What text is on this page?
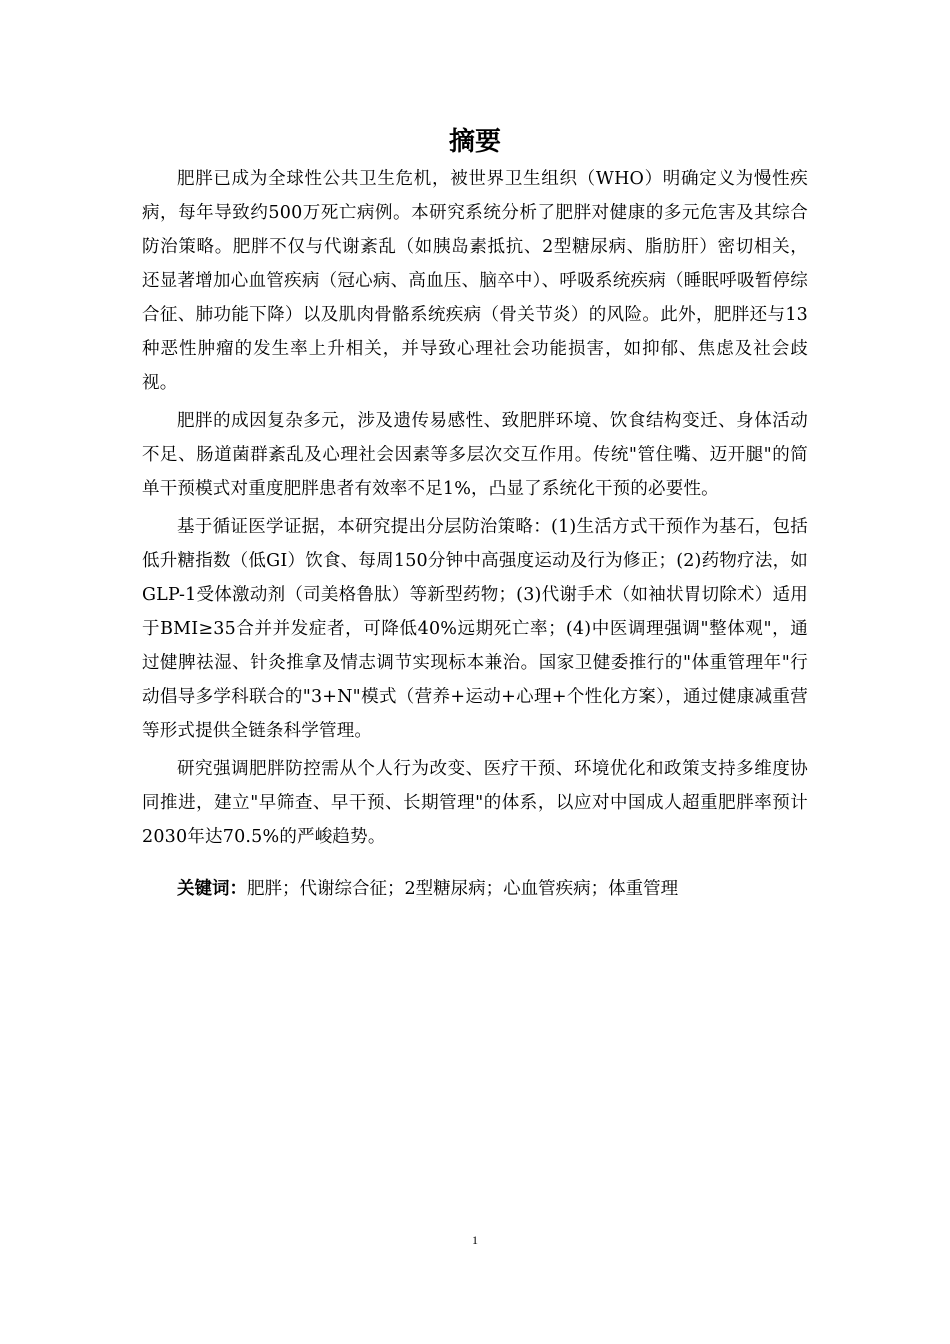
摘要

肥胖已成为全球性公共卫生危机，被世界卫生组织（WHO）明确定义为慢性疾病，每年导致约500万死亡病例。本研究系统分析了肥胖对健康的多元危害及其综合防治策略。肥胖不仅与代谢紊乱（如胰岛素抵抗、2型糖尿病、脂肪肝）密切相关，还显著增加心血管疾病（冠心病、高血压、脑卒中）、呼吸系统疾病（睡眠呼吸暂停综合征、肺功能下降）以及肌肉骨骼系统疾病（骨关节炎）的风险。此外，肥胖还与13种恶性肿瘤的发生率上升相关，并导致心理社会功能损害，如抑郁、焦虑及社会歧视。

肥胖的成因复杂多元，涉及遗传易感性、致肥胖环境、饮食结构变迁、身体活动不足、肠道菌群紊乱及心理社会因素等多层次交互作用。传统"管住嘴、迈开腿"的简单干预模式对重度肥胖患者有效率不足1%，凸显了系统化干预的必要性。

基于循证医学证据，本研究提出分层防治策略：(1)生活方式干预作为基石，包括低升糖指数（低GI）饮食、每周150分钟中高强度运动及行为修正；(2)药物疗法，如GLP-1受体激动剂（司美格鲁肽）等新型药物；(3)代谢手术（如袖状胃切除术）适用于BMI≥35合并并发症者，可降低40%远期死亡率；(4)中医调理强调"整体观"，通过健脾祛湿、针灸推拿及情志调节实现标本兼治。国家卫健委推行的"体重管理年"行动倡导多学科联合的"3+N"模式（营养+运动+心理+个性化方案），通过健康减重营等形式提供全链条科学管理。

研究强调肥胖防控需从个人行为改变、医疗干预、环境优化和政策支持多维度协同推进，建立"早筛查、早干预、长期管理"的体系，以应对中国成人超重肥胖率预计2030年达70.5%的严峻趋势。

关键词：肥胖；代谢综合征；2型糖尿病；心血管疾病；体重管理

1
